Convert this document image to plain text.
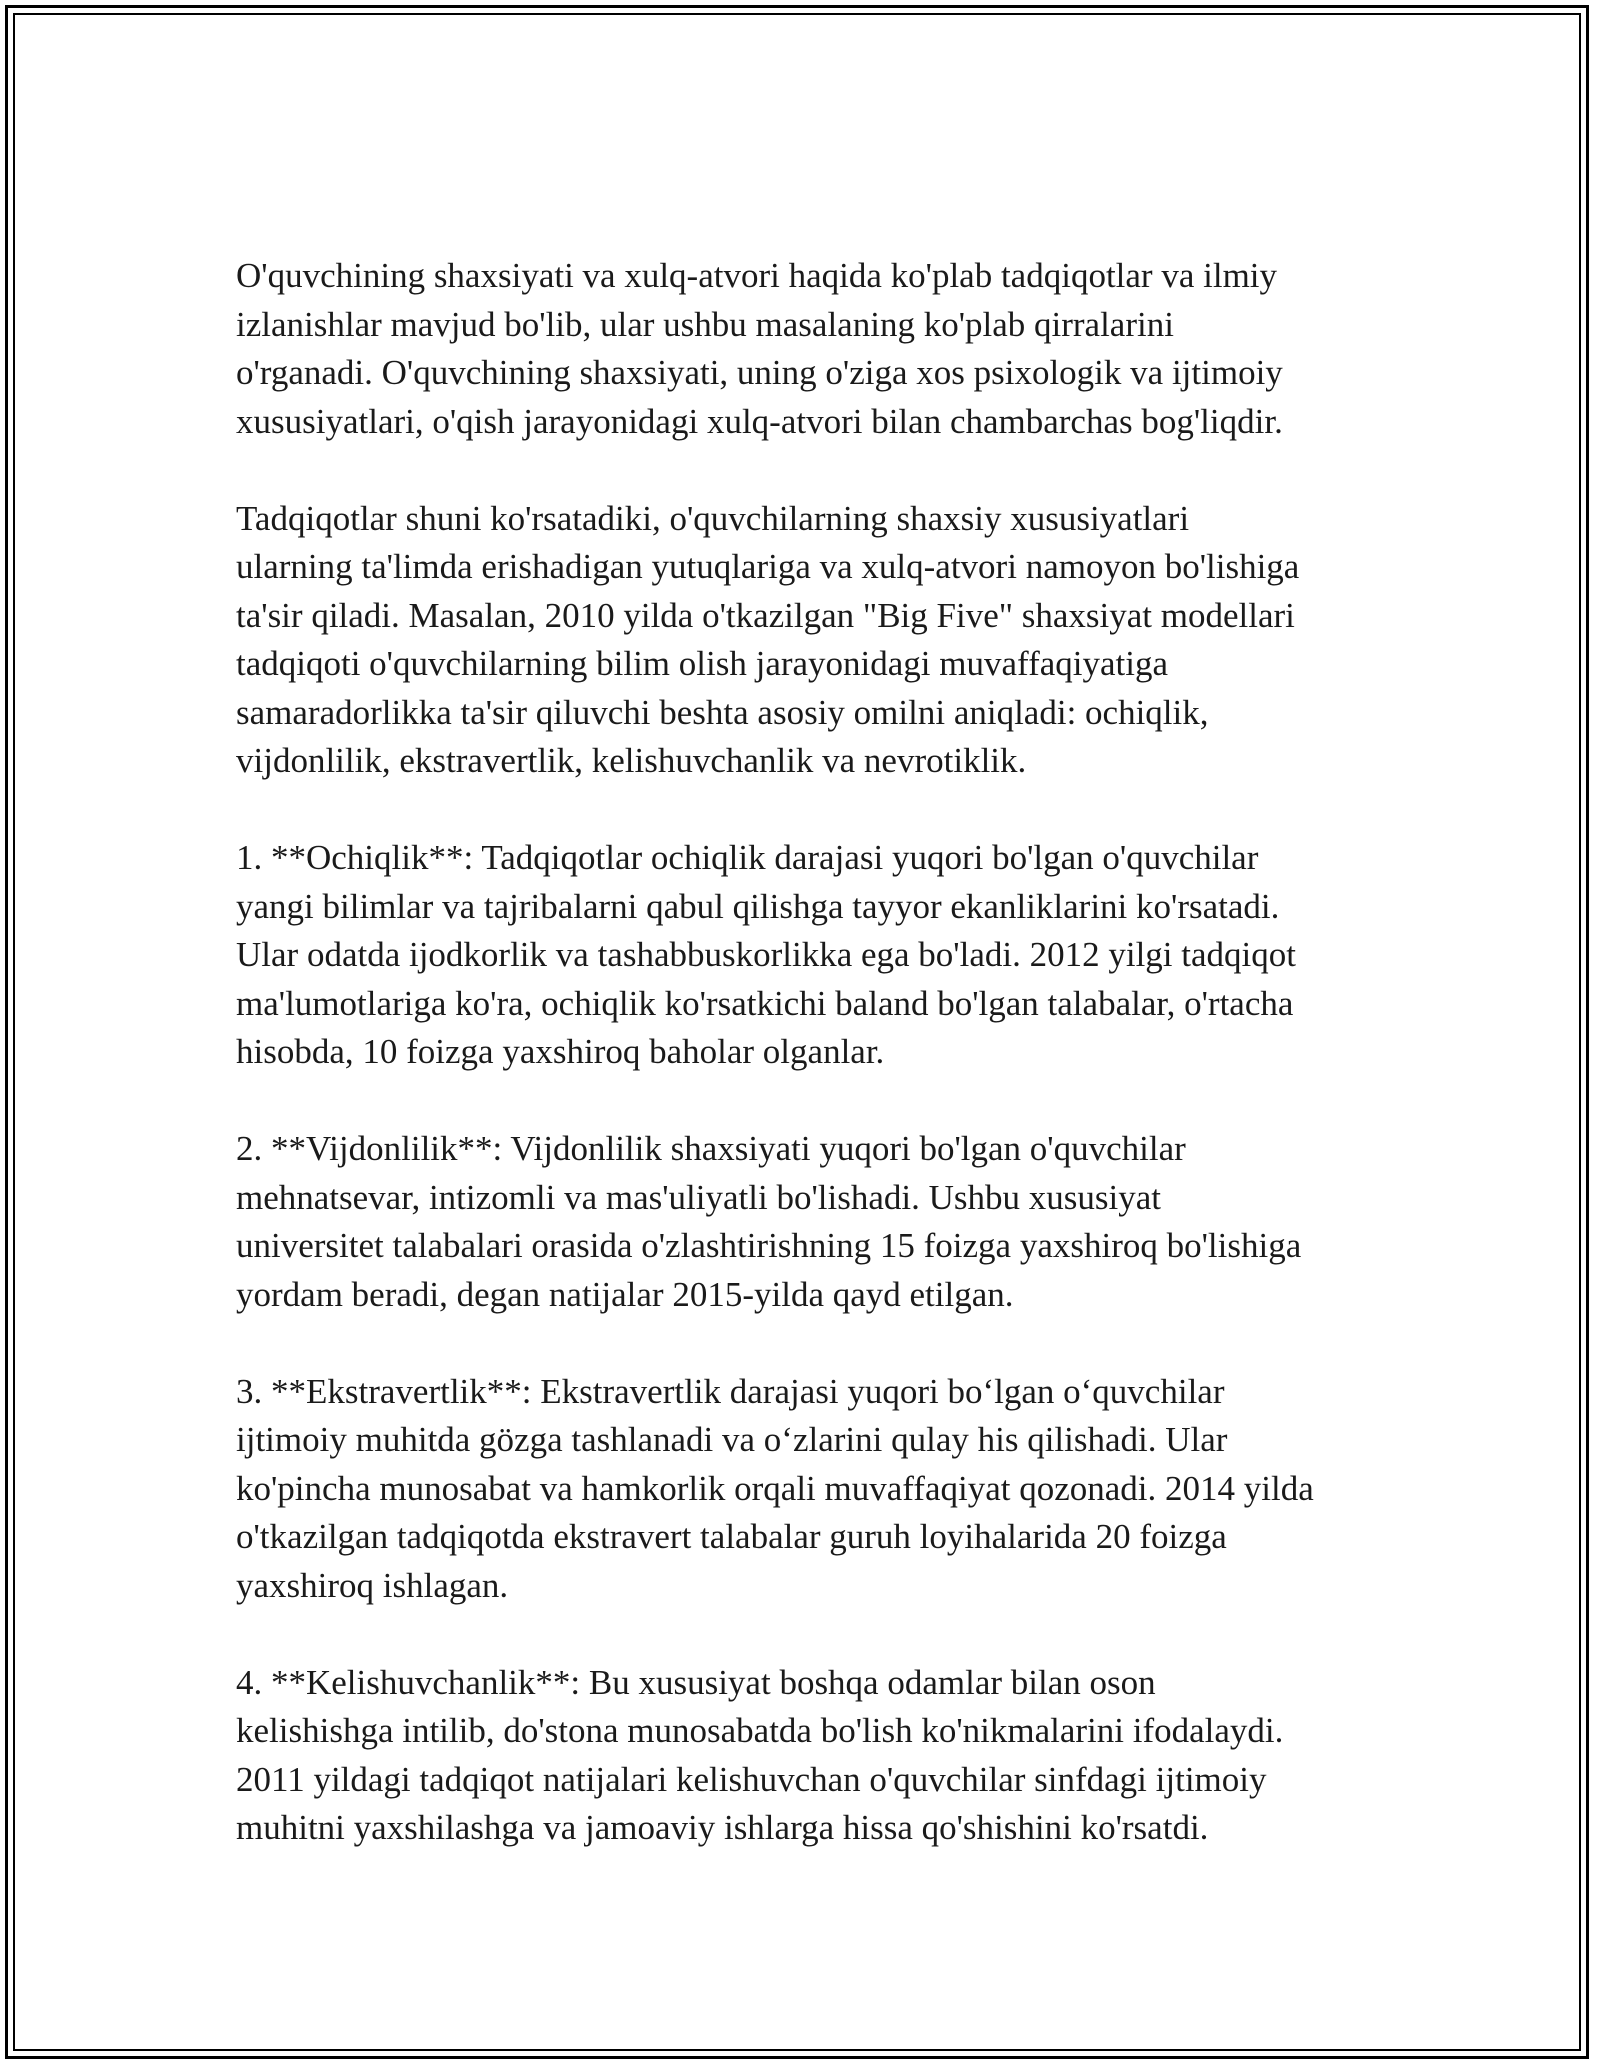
O'quvchining shaxsiyati va xulq-atvori haqida ko'plab tadqiqotlar va ilmiy
izlanishlar mavjud bo'lib, ular ushbu masalaning ko'plab qirralarini
o'rganadi. O'quvchining shaxsiyati, uning o'ziga xos psixologik va ijtimoiy
xususiyatlari, o'qish jarayonidagi xulq-atvori bilan chambarchas bog'liqdir.

Tadqiqotlar shuni ko'rsatadiki, o'quvchilarning shaxsiy xususiyatlari
ularning ta'limda erishadigan yutuqlariga va xulq-atvori namoyon bo'lishiga
ta'sir qiladi. Masalan, 2010 yilda o'tkazilgan "Big Five" shaxsiyat modellari
tadqiqoti o'quvchilarning bilim olish jarayonidagi muvaffaqiyatiga
samaradorlikka ta'sir qiluvchi beshta asosiy omilni aniqladi: ochiqlik,
vijdonlilik, ekstravertlik, kelishuvchanlik va nevrotiklik.

1. **Ochiqlik**: Tadqiqotlar ochiqlik darajasi yuqori bo'lgan o'quvchilar
yangi bilimlar va tajribalarni qabul qilishga tayyor ekanliklarini ko'rsatadi.
Ular odatda ijodkorlik va tashabbuskorlikka ega bo'ladi. 2012 yilgi tadqiqot
ma'lumotlariga ko'ra, ochiqlik ko'rsatkichi baland bo'lgan talabalar, o'rtacha
hisobda, 10 foizga yaxshiroq baholar olganlar.

2. **Vijdonlilik**: Vijdonlilik shaxsiyati yuqori bo'lgan o'quvchilar
mehnatsevar, intizomli va mas'uliyatli bo'lishadi. Ushbu xususiyat
universitet talabalari orasida o'zlashtirishning 15 foizga yaxshiroq bo'lishiga
yordam beradi, degan natijalar 2015-yilda qayd etilgan.

3. **Ekstravertlik**: Ekstravertlik darajasi yuqori bo‘lgan o‘quvchilar
ijtimoiy muhitda gözga tashlanadi va o‘zlarini qulay his qilishadi. Ular
ko'pincha munosabat va hamkorlik orqali muvaffaqiyat qozonadi. 2014 yilda
o'tkazilgan tadqiqotda ekstravert talabalar guruh loyihalarida 20 foizga
yaxshiroq ishlagan.

4. **Kelishuvchanlik**: Bu xususiyat boshqa odamlar bilan oson
kelishishga intilib, do'stona munosabatda bo'lish ko'nikmalarini ifodalaydi.
2011 yildagi tadqiqot natijalari kelishuvchan o'quvchilar sinfdagi ijtimoiy
muhitni yaxshilashga va jamoaviy ishlarga hissa qo'shishini ko'rsatdi.
